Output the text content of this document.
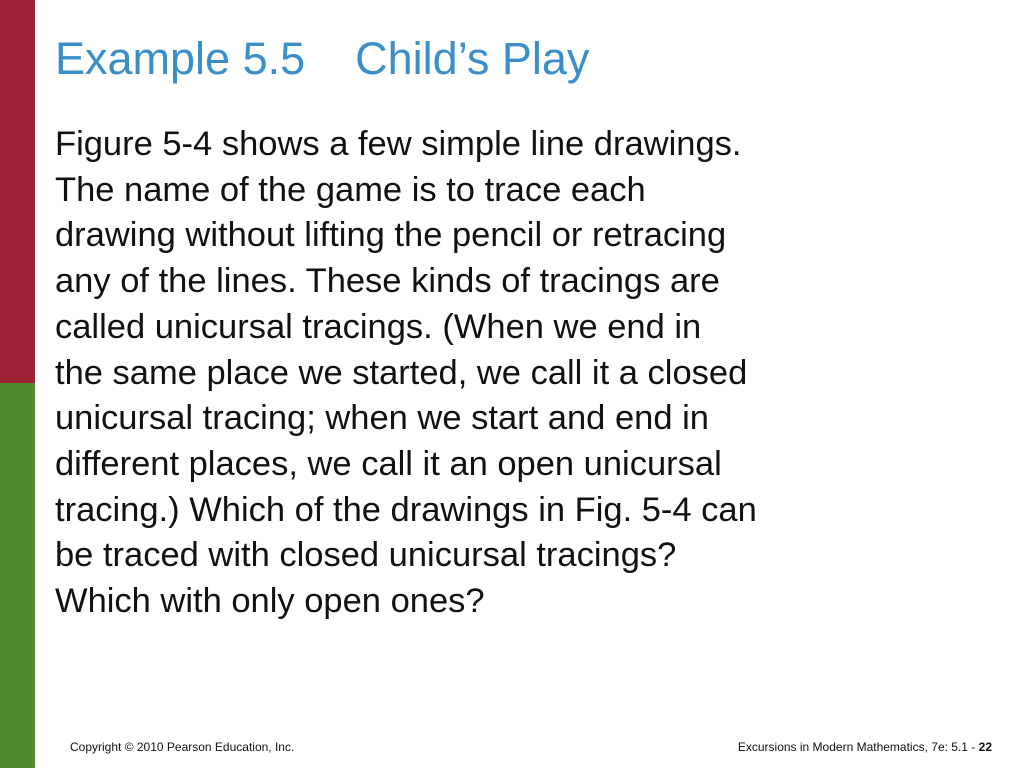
Example 5.5    Child’s Play
Figure 5-4 shows a few simple line drawings.
The name of the game is to trace each
drawing without lifting the pencil or retracing
any of the lines. These kinds of tracings are
called unicursal tracings. (When we end in
the same place we started, we call it a closed
unicursal tracing; when we start and end in
different places, we call it an open unicursal
tracing.) Which of the drawings in Fig. 5-4 can
be traced with closed unicursal tracings?
Which with only open ones?
Copyright © 2010 Pearson Education, Inc.	Excursions in Modern Mathematics, 7e: 5.1 - 22
